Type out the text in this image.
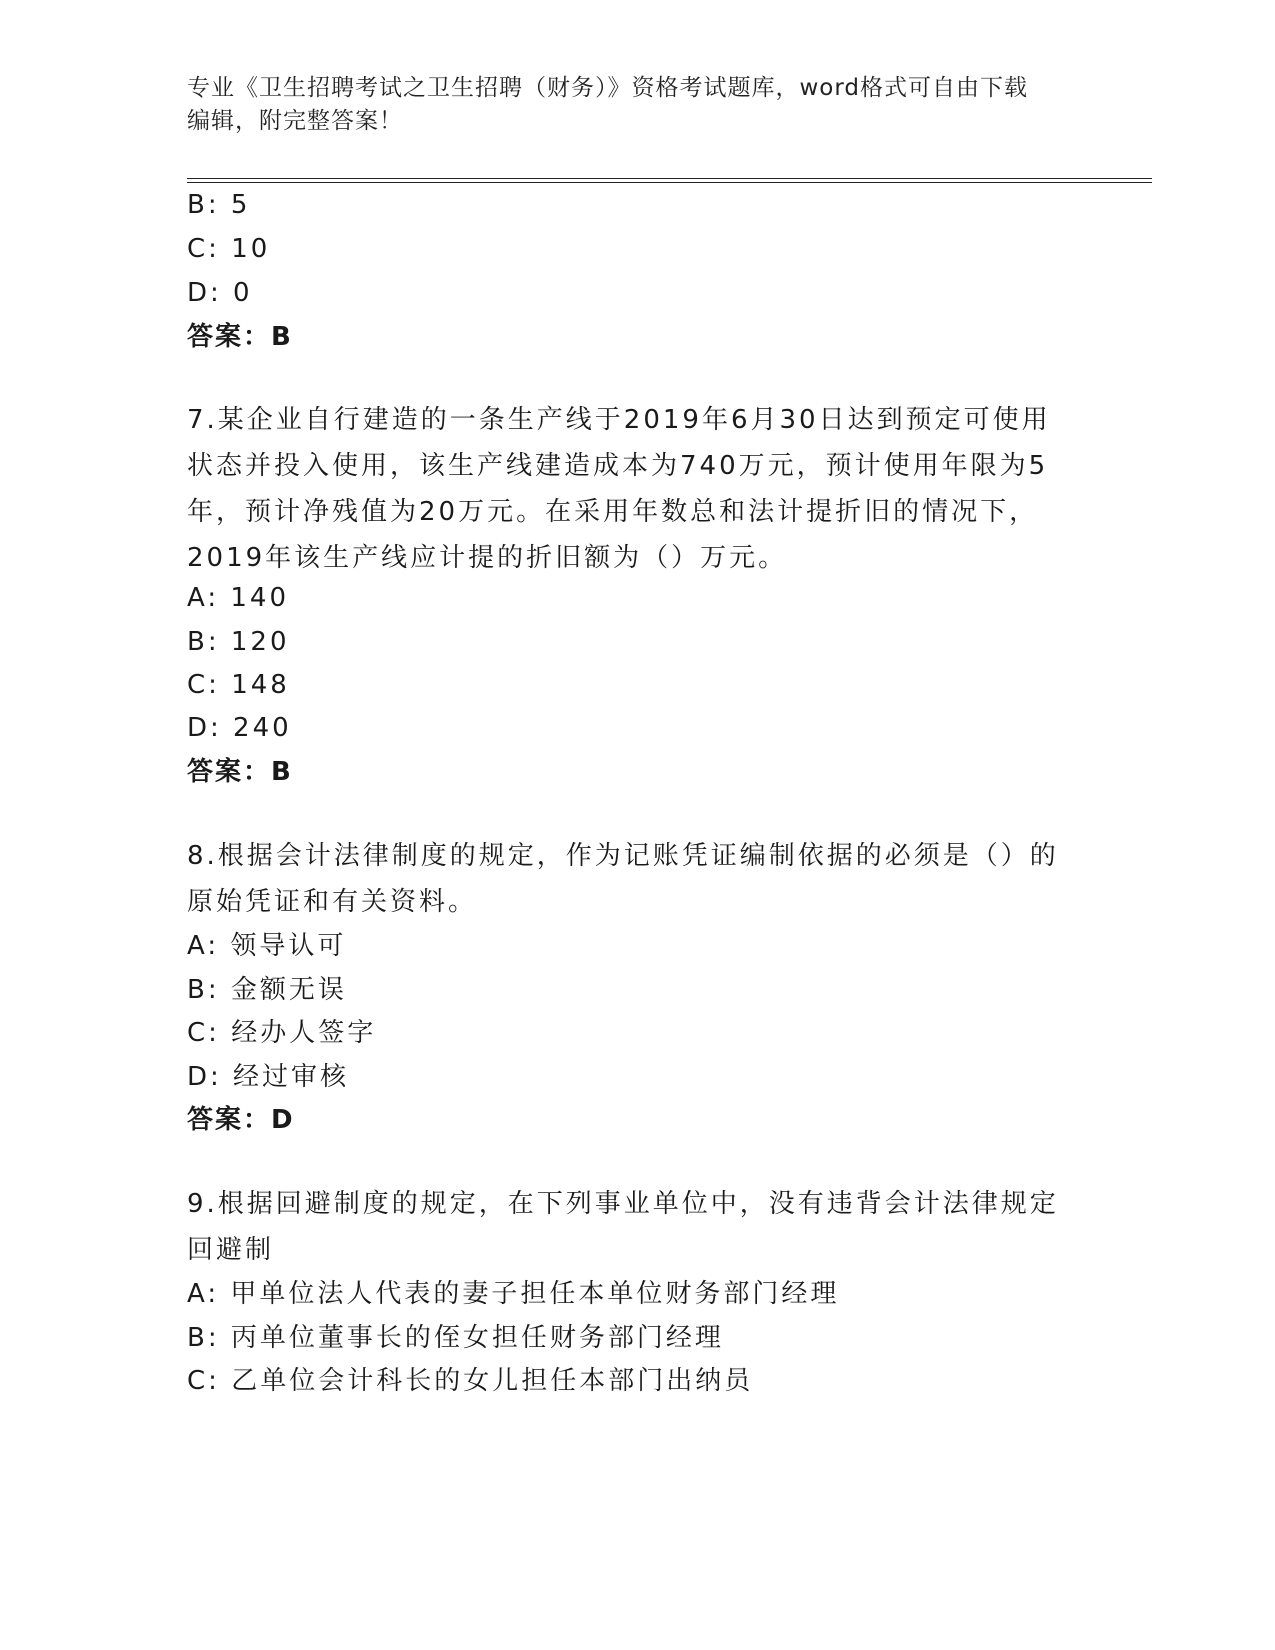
专业《卫生招聘考试之卫生招聘（财务）》资格考试题库，word格式可自由下载
编辑，附完整答案！
B: 5
C: 10
D: 0
答案：B
7.某企业自行建造的一条生产线于2019年6月30日达到预定可使用
状态并投入使用，该生产线建造成本为740万元，预计使用年限为5
年，预计净残值为20万元。在采用年数总和法计提折旧的情况下，
2019年该生产线应计提的折旧额为（）万元。
A: 140
B: 120
C: 148
D: 240
答案：B
8.根据会计法律制度的规定，作为记账凭证编制依据的必须是（）的
原始凭证和有关资料。
A: 领导认可
B: 金额无误
C: 经办人签字
D: 经过审核
答案：D
9.根据回避制度的规定，在下列事业单位中，没有违背会计法律规定
回避制
A: 甲单位法人代表的妻子担任本单位财务部门经理
B: 丙单位董事长的侄女担任财务部门经理
C: 乙单位会计科长的女儿担任本部门出纳员
